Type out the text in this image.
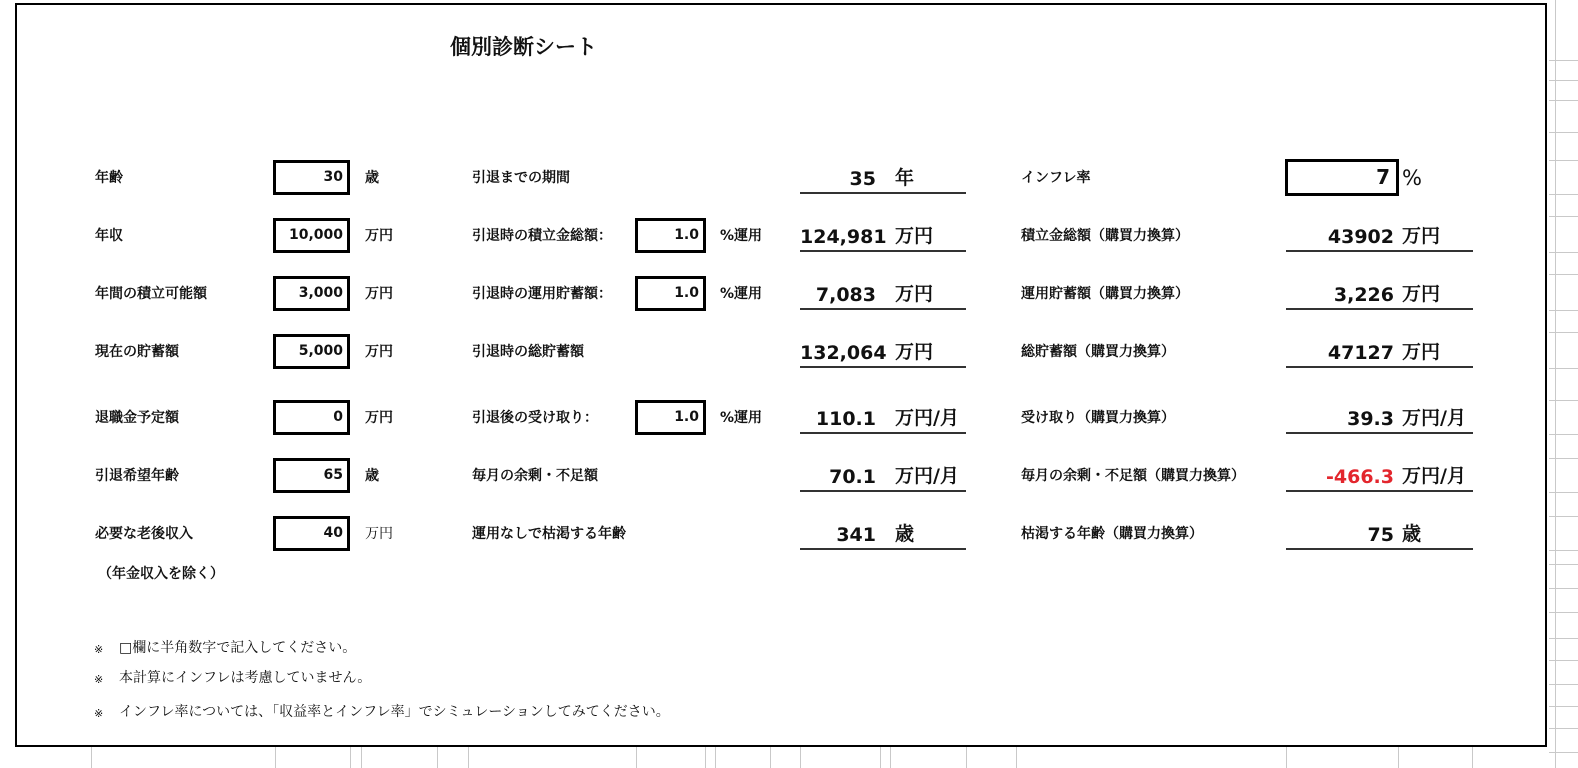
個別診断シート
年齢	30	歳
年収	10,000	万円
年間の積立可能額	3,000	万円
現在の貯蓄額	5,000	万円
退職金予定額	0	万円
引退希望年齢	65	歳
必要な老後収入	40	万円
（年金収入を除く）
引退までの期間	35 年
引退時の積立金総額：	1.0	%運用 124,981 万円
引退時の運用貯蓄額：	1.0	%運用	7,083 万円
引退時の総貯蓄額	132,064 万円
引退後の受け取り：	1.0	%運用	110.1 万円/月
毎月の余剰・不足額	70.1 万円/月
運用なしで枯渇する年齢	341 歳
インフレ率	7 %
積立金総額（購買力換算）	43902 万円
運用貯蓄額（購買力換算）	3,226 万円
総貯蓄額（購買力換算）	47127 万円
受け取り（購買力換算）	39.3 万円/月
毎月の余剰・不足額（購買力換算）	-466.3 万円/月
枯渇する年齢（購買力換算）	75 歳
※ □欄に半角数字で記入してください。
※ 本計算にインフレは考慮していません。
※ インフレ率については、「収益率とインフレ率」でシミュレーションしてみてください。
